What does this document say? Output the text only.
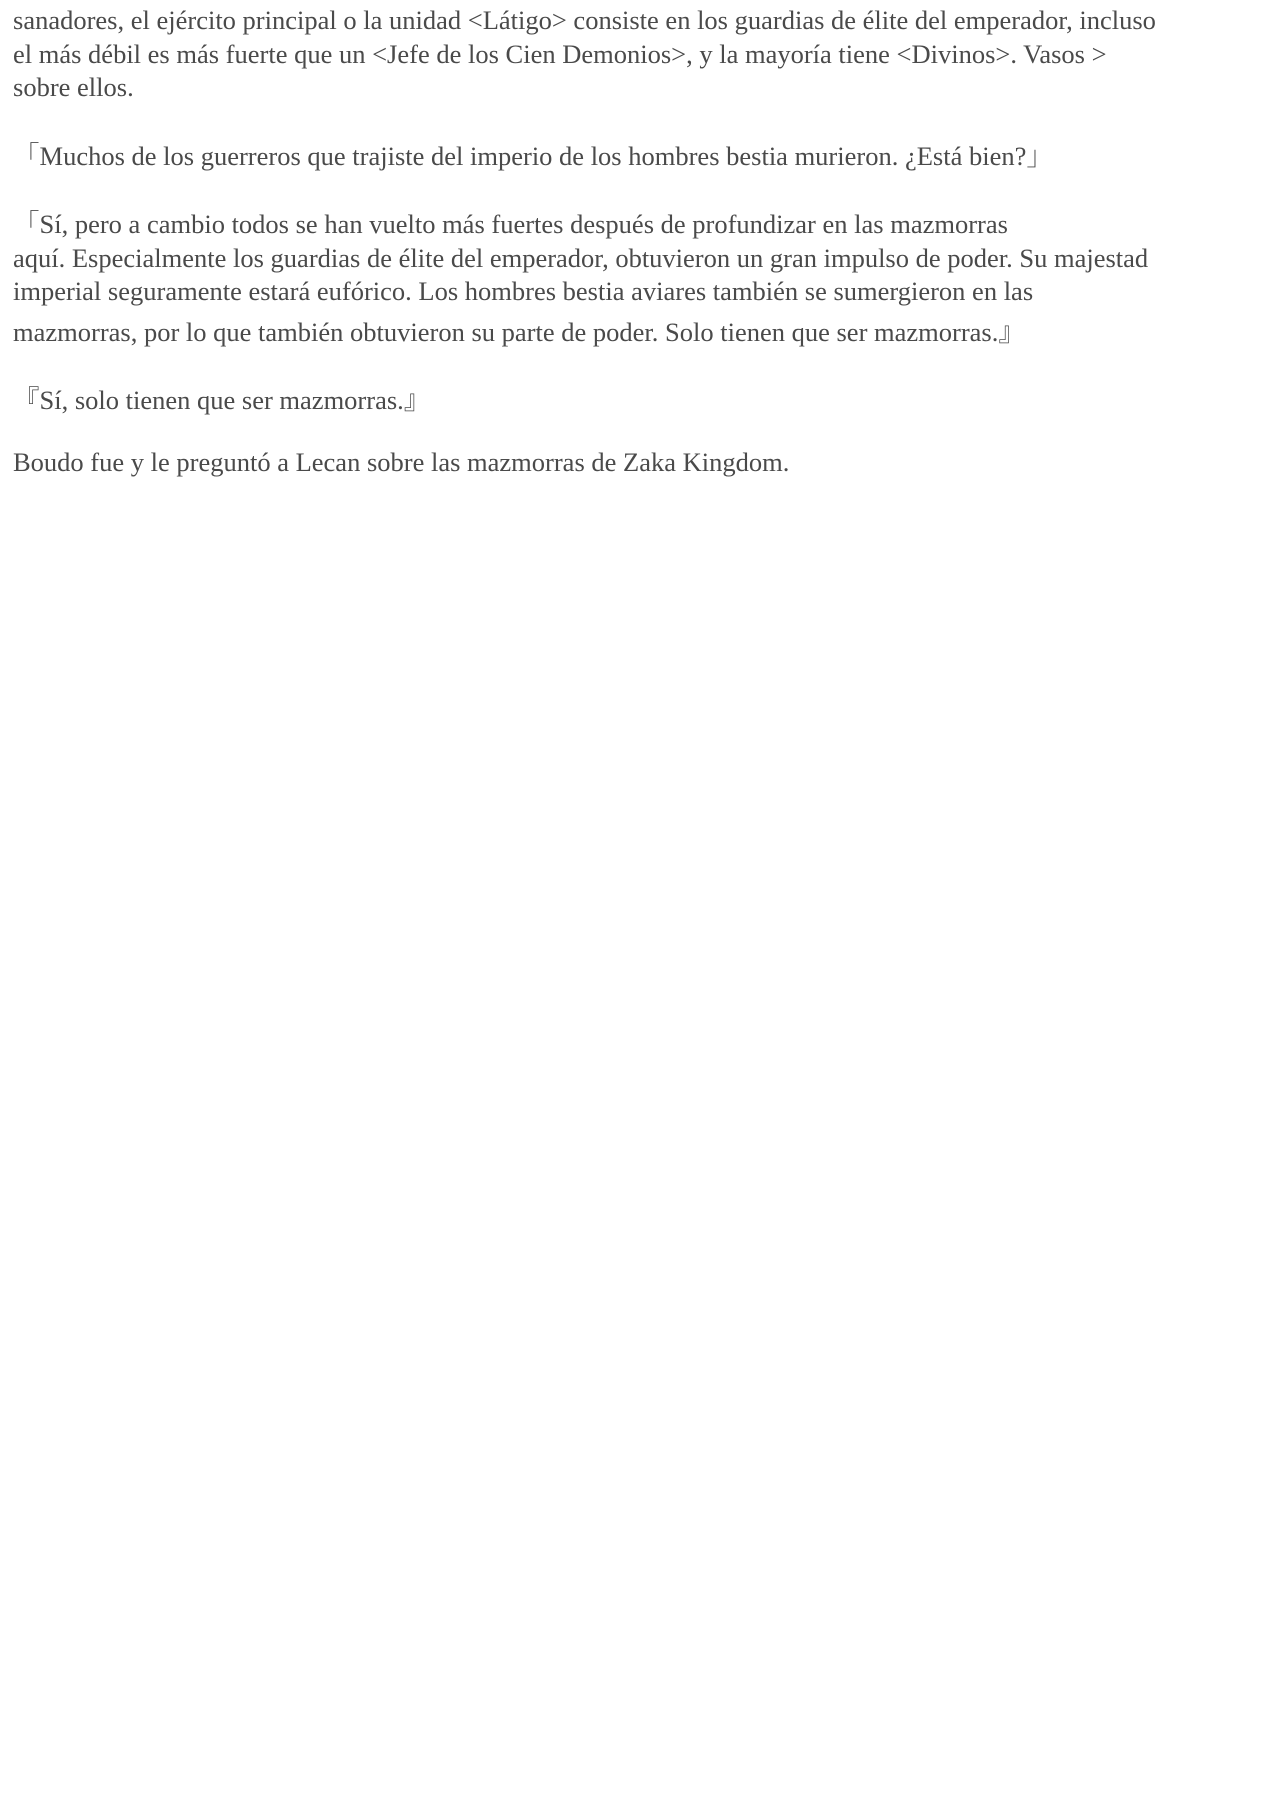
sanadores, el ejército principal o la unidad <Látigo> consiste en los guardias de élite del emperador, incluso
el más débil es más fuerte que un <Jefe de los Cien Demonios>, y la mayoría tiene <Divinos>. Vasos >
sobre ellos.

「Muchos de los guerreros que trajiste del imperio de los hombres bestia murieron. ¿Está bien?」

「Sí, pero a cambio todos se han vuelto más fuertes después de profundizar en las mazmorras
aquí. Especialmente los guardias de élite del emperador, obtuvieron un gran impulso de poder. Su majestad
imperial seguramente estará eufórico. Los hombres bestia aviares también se sumergieron en las
mazmorras, por lo que también obtuvieron su parte de poder. Solo tienen que ser mazmorras.』

『Sí, solo tienen que ser mazmorras.』

Boudo fue y le preguntó a Lecan sobre las mazmorras de Zaka Kingdom.
